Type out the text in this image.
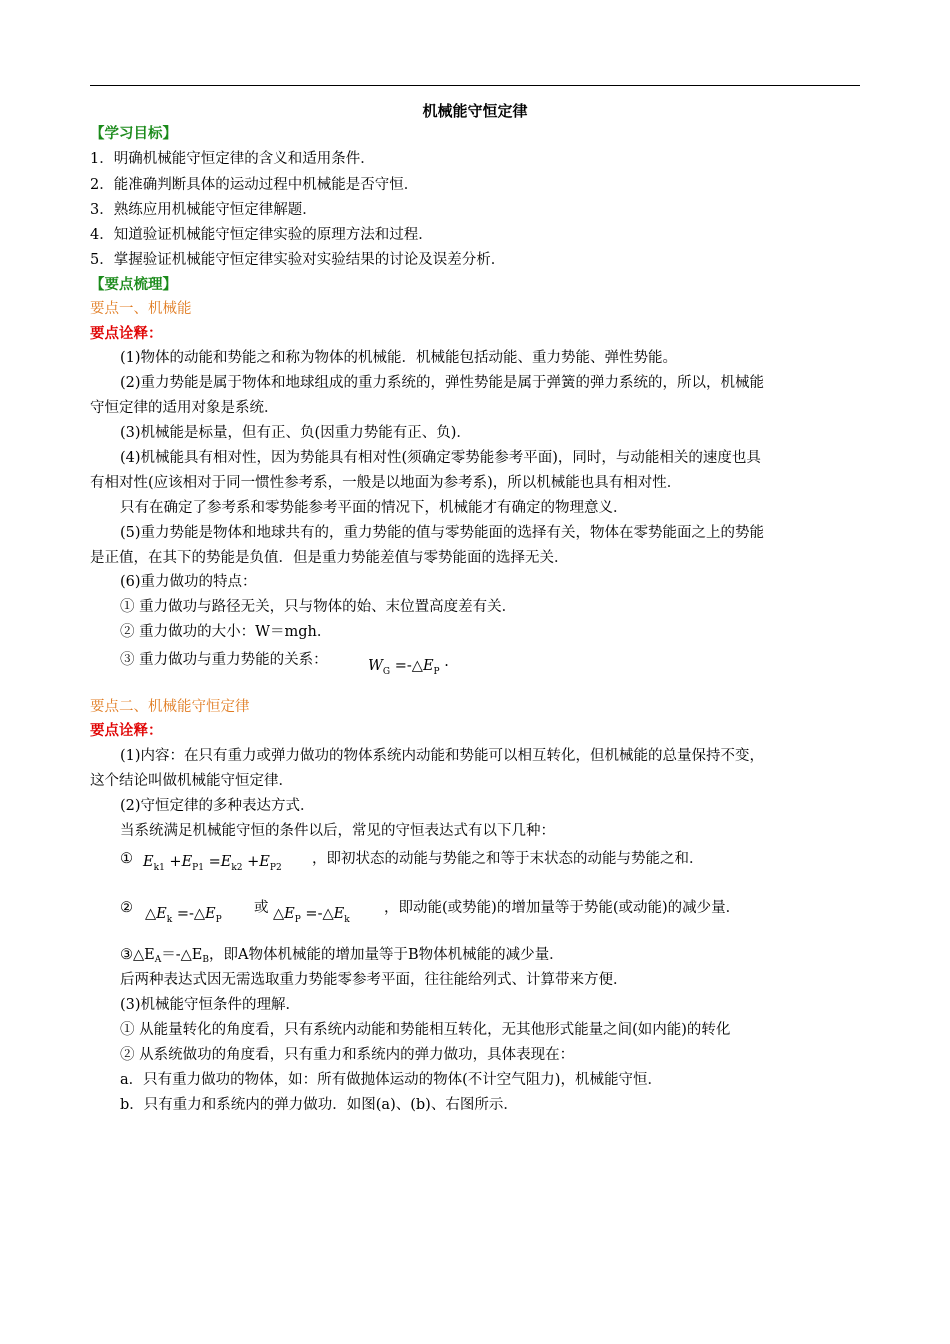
机械能守恒定律
【学习目标】
1．明确机械能守恒定律的含义和适用条件．
2．能准确判断具体的运动过程中机械能是否守恒．
3．熟练应用机械能守恒定律解题．
4．知道验证机械能守恒定律实验的原理方法和过程．
5．掌握验证机械能守恒定律实验对实验结果的讨论及误差分析．
【要点梳理】
要点一、机械能
要点诠释：
(1)物体的动能和势能之和称为物体的机械能．机械能包括动能、重力势能、弹性势能。
(2)重力势能是属于物体和地球组成的重力系统的，弹性势能是属于弹簧的弹力系统的，所以，机械能
守恒定律的适用对象是系统．
(3)机械能是标量，但有正、负(因重力势能有正、负)．
(4)机械能具有相对性，因为势能具有相对性(须确定零势能参考平面)，同时，与动能相关的速度也具
有相对性(应该相对于同一惯性参考系，一般是以地面为参考系)，所以机械能也具有相对性．
只有在确定了参考系和零势能参考平面的情况下，机械能才有确定的物理意义．
(5)重力势能是物体和地球共有的，重力势能的值与零势能面的选择有关，物体在零势能面之上的势能
是正值，在其下的势能是负值．但是重力势能差值与零势能面的选择无关．
(6)重力做功的特点：
① 重力做功与路径无关，只与物体的始、末位置高度差有关．
② 重力做功的大小：W＝mgh．
③ 重力做功与重力势能的关系：	$W_G$ $=-\triangle E_P$ ·
要点二、机械能守恒定律
要点诠释：
(1)内容：在只有重力或弹力做功的物体系统内动能和势能可以相互转化，但机械能的总量保持不变，
这个结论叫做机械能守恒定律．
(2)守恒定律的多种表达方式．
当系统满足机械能守恒的条件以后，常见的守恒表达式有以下几种：
① $E_{k1} +E_{P1} =E_{k2} +E_{P2}$
，即初状态的动能与势能之和等于末状态的动能与势能之和．
② $\triangle E_k$ $=-\triangle E_P$
或 $\triangle E_P$ $=-\triangle E_k$
，即动能(或势能)的增加量等于势能(或动能)的减少量．
$③\triangle E_A=-\triangle E_B$，即A物体机械能的增加量等于B物体机械能的减少量．
后两种表达式因无需选取重力势能零参考平面，往往能给列式、计算带来方便．
(3)机械能守恒条件的理解．
① 从能量转化的角度看，只有系统内动能和势能相互转化，无其他形式能量之间(如内能)的转化
② 从系统做功的角度看，只有重力和系统内的弹力做功，具体表现在：
a．只有重力做功的物体，如：所有做抛体运动的物体(不计空气阻力)，机械能守恒．
b．只有重力和系统内的弹力做功．如图(a)、(b)、右图所示．
